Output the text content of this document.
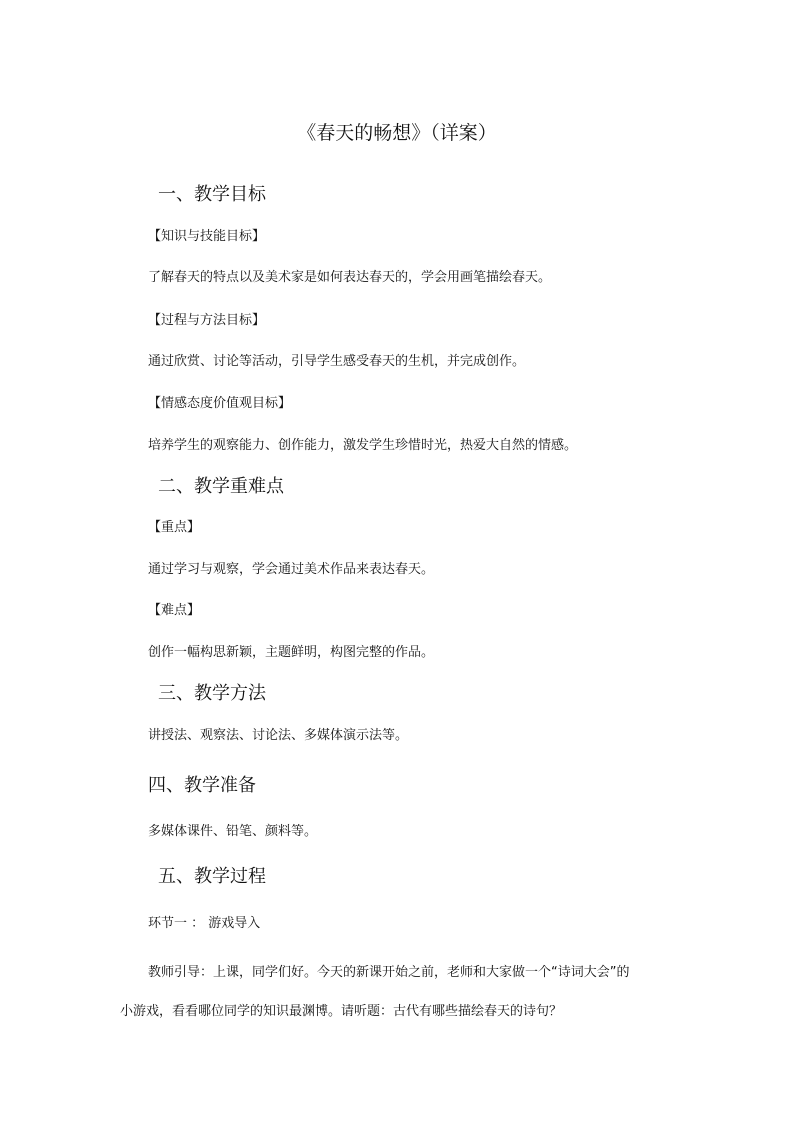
《春天的畅想》（详案）
一、教学目标
【知识与技能目标】
了解春天的特点以及美术家是如何表达春天的，学会用画笔描绘春天。
【过程与方法目标】
通过欣赏、讨论等活动，引导学生感受春天的生机，并完成创作。
【情感态度价值观目标】
培养学生的观察能力、创作能力，激发学生珍惜时光，热爱大自然的情感。
二、教学重难点
【重点】
通过学习与观察，学会通过美术作品来表达春天。
【难点】
创作一幅构思新颖，主题鲜明，构图完整的作品。
三、教学方法
讲授法、观察法、讨论法、多媒体演示法等。
四、教学准备
多媒体课件、铅笔、颜料等。
五、教学过程
环节一 ： 游戏导入
教师引导：上课，同学们好。今天的新课开始之前，老师和大家做一个“诗词大会”的
小游戏，看看哪位同学的知识最渊博。请听题：古代有哪些描绘春天的诗句？
